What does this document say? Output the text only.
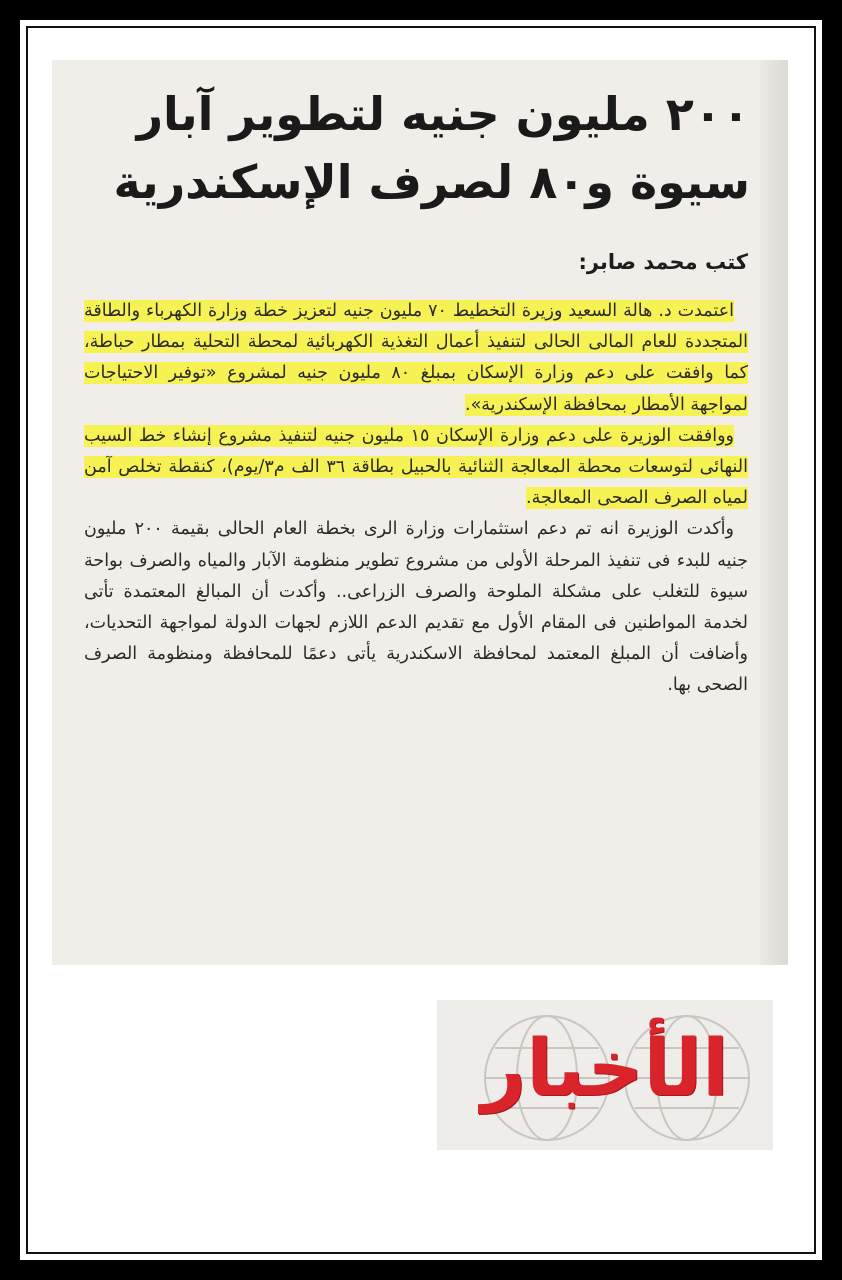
٢٠٠ مليون جنيه لتطوير آبار
سيوة و٨٠ لصرف الإسكندرية
كتب محمد صابر:

اعتمدت د. هالة السعيد وزيرة التخطيط ٧٠ مليون جنيه لتعزيز خطة وزارة الكهرباء والطاقة المتجددة للعام المالى الحالى لتنفيذ أعمال التغذية الكهربائية لمحطة التحلية بمطار حباطة، كما وافقت على دعم وزارة الإسكان بمبلغ ٨٠ مليون جنيه لمشروع «توفير الاحتياجات لمواجهة الأمطار بمحافظة الإسكندرية».

ووافقت الوزيرة على دعم وزارة الإسكان ١٥ مليون جنيه لتنفيذ مشروع إنشاء خط السيب النهائى لتوسعات محطة المعالجة الثنائية بالحبيل بطاقة ٣٦ الف م٣/يوم)، كنقطة تخلص آمن لمياه الصرف الصحى المعالجة.

وأكدت الوزيرة انه تم دعم استثمارات وزارة الرى بخطة العام الحالى بقيمة ٢٠٠ مليون جنيه للبدء فى تنفيذ المرحلة الأولى من مشروع تطوير منظومة الآبار والمياه والصرف بواحة سيوة للتغلب على مشكلة الملوحة والصرف الزراعى.. وأكدت أن المبالغ المعتمدة تأتى لخدمة المواطنين فى المقام الأول مع تقديم الدعم اللازم لجهات الدولة لمواجهة التحديات، وأضافت أن المبلغ المعتمد لمحافظة الاسكندرية يأتى دعمًا للمحافظة ومنظومة الصرف الصحى بها.

الأخبار
